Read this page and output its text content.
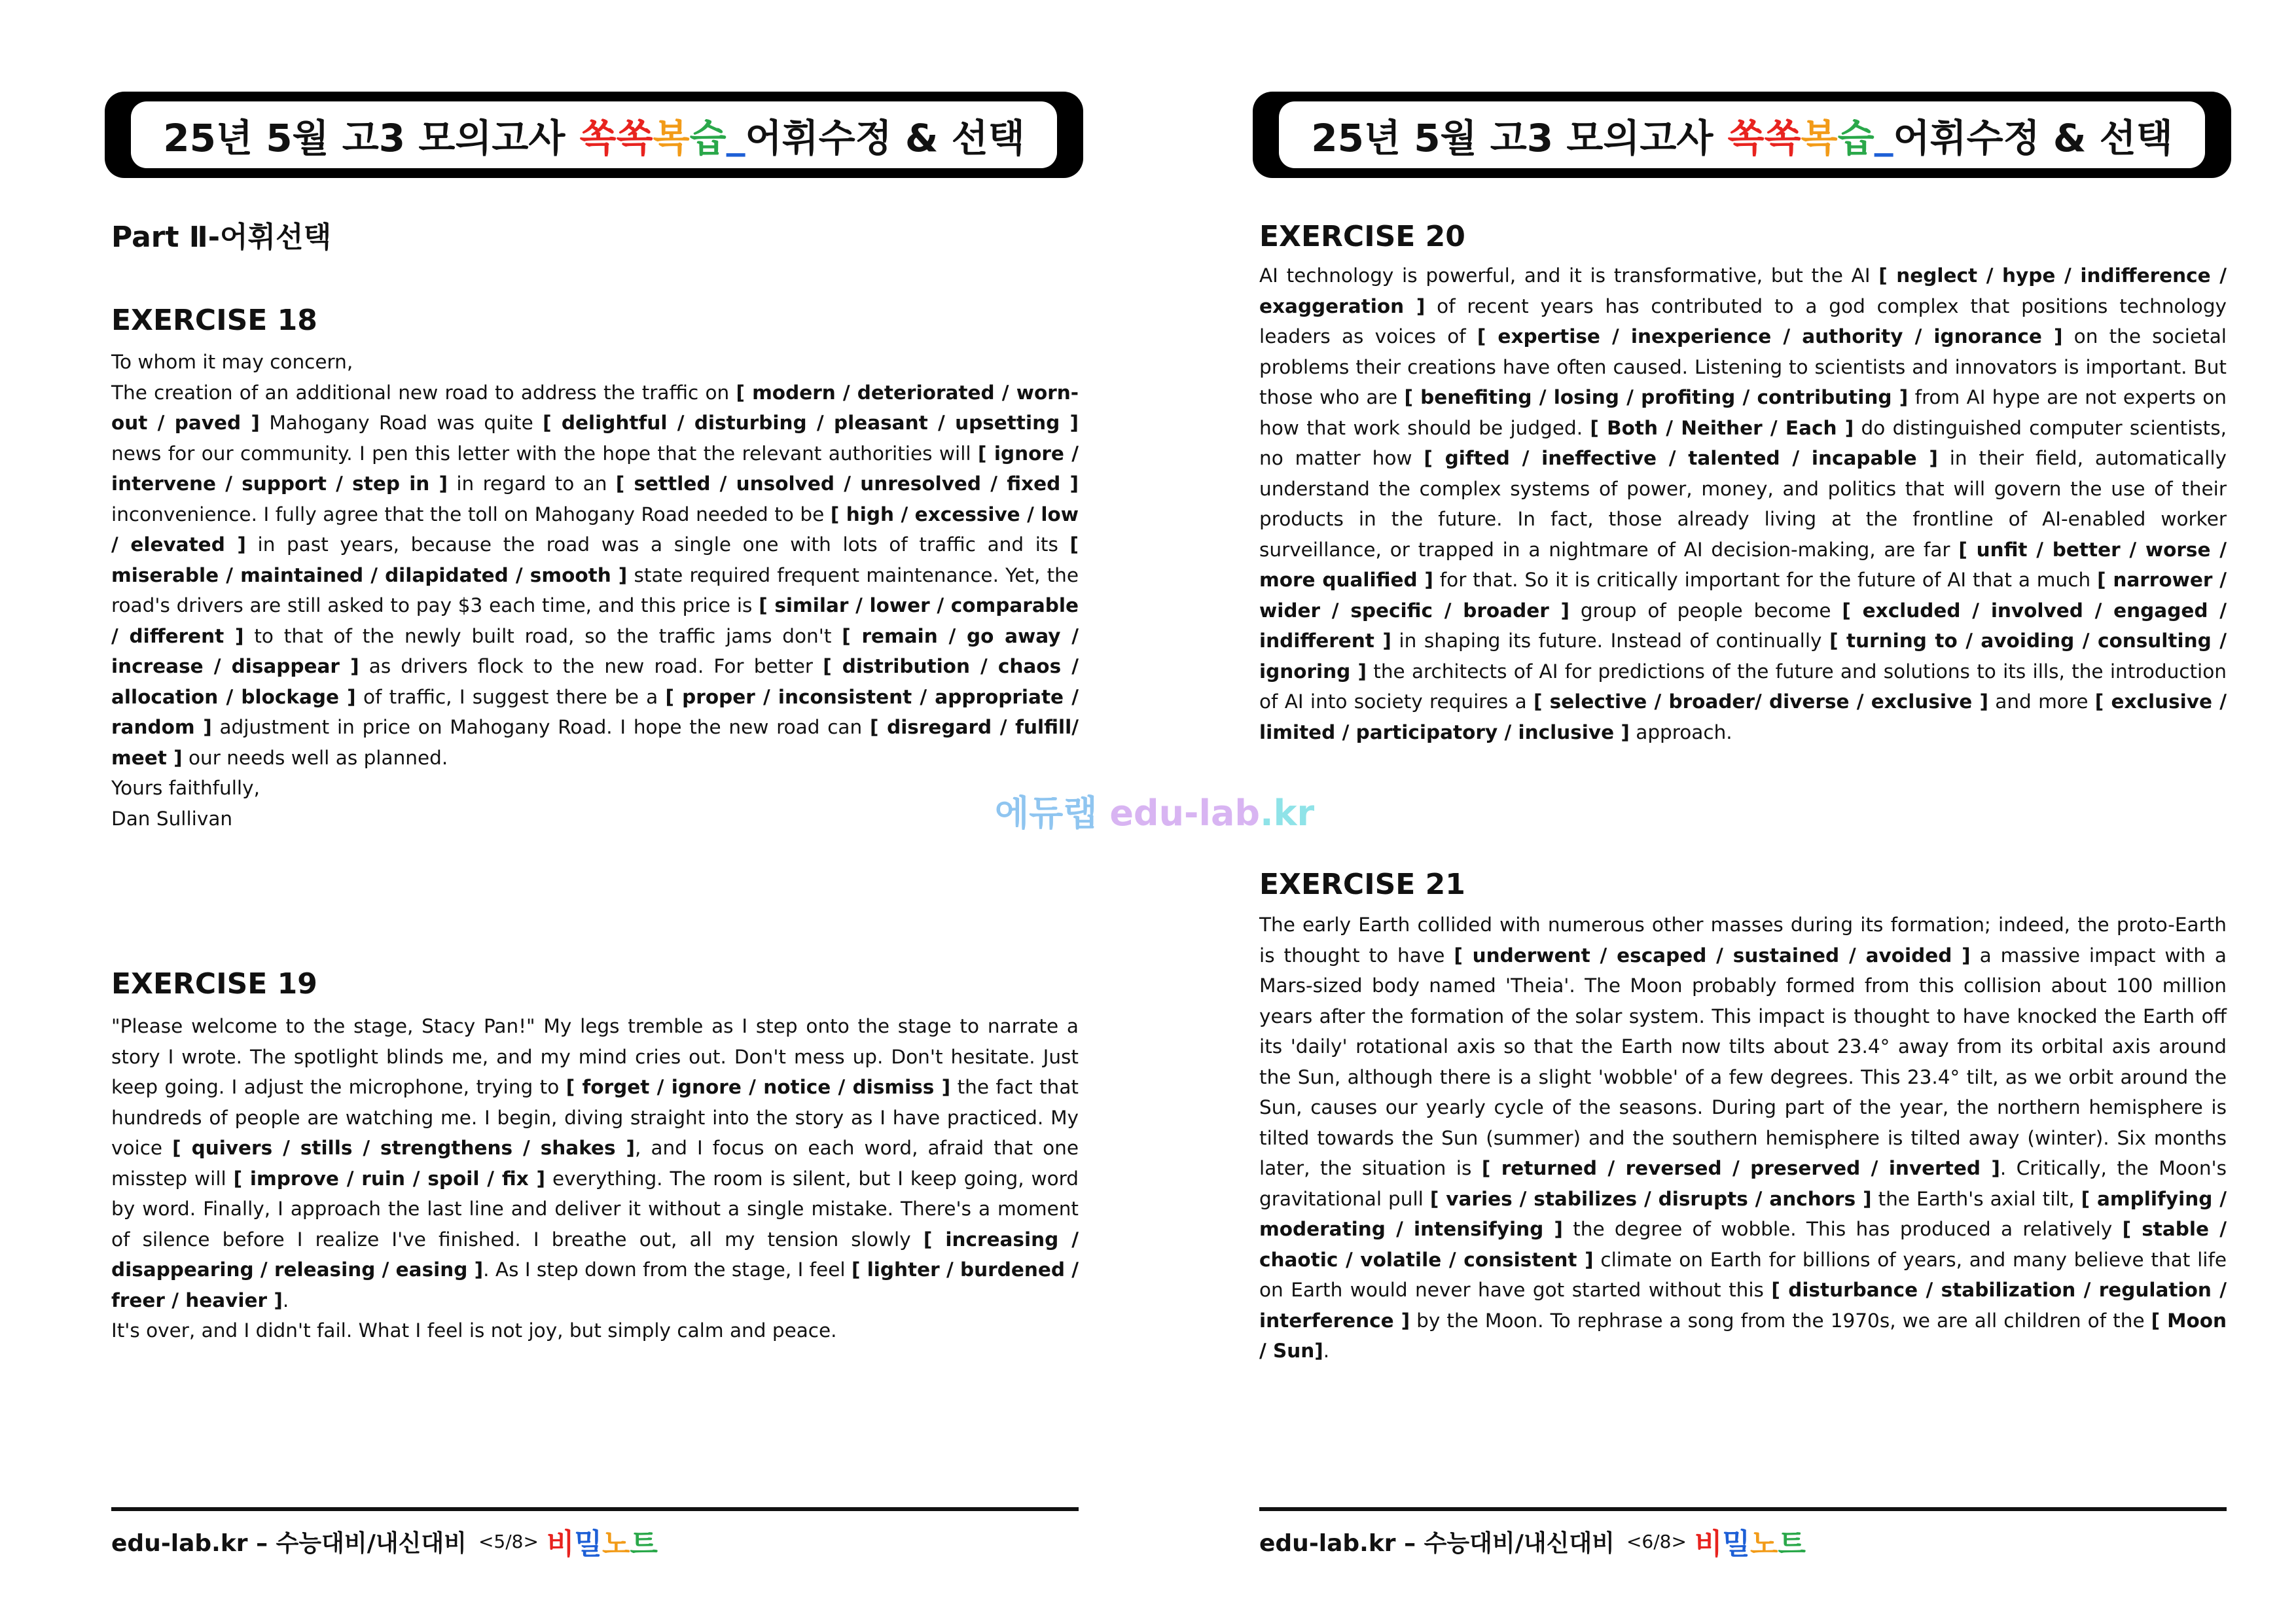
25년 5월 고3 모의고사 쏙 쏙 복 습 _ 어휘수정 & 선택
Part Ⅱ-어휘선택
EXERCISE 18
To whom it may concern,
The creation of an additional new road to address the traffic on [ modern / deteriorated / worn-out / paved ] Mahogany Road was quite [ delightful / disturbing / pleasant / upsetting ] news for our community. I pen this letter with the hope that the relevant authorities will [ ignore / intervene / support / step in ] in regard to an [ settled / unsolved / unresolved / fixed ] inconvenience. I fully agree that the toll on Mahogany Road needed to be [ high / excessive / low / elevated ] in past years, because the road was a single one with lots of traffic and its [ miserable / maintained / dilapidated / smooth ] state required frequent maintenance. Yet, the road's drivers are still asked to pay $3 each time, and this price is [ similar / lower / comparable / different ] to that of the newly built road, so the traffic jams don't [ remain / go away / increase / disappear ] as drivers flock to the new road. For better [ distribution / chaos / allocation / blockage ] of traffic, I suggest there be a [ proper / inconsistent / appropriate / random ] adjustment in price on Mahogany Road. I hope the new road can [ disregard / fulfill/ meet ] our needs well as planned.
Yours faithfully,
Dan Sullivan
EXERCISE 19
"Please welcome to the stage, Stacy Pan!" My legs tremble as I step onto the stage to narrate a story I wrote. The spotlight blinds me, and my mind cries out. Don't mess up. Don't hesitate. Just keep going. I adjust the microphone, trying to [ forget / ignore / notice / dismiss ] the fact that hundreds of people are watching me. I begin, diving straight into the story as I have practiced. My voice [ quivers / stills / strengthens / shakes ], and I focus on each word, afraid that one misstep will [ improve / ruin / spoil / fix ] everything. The room is silent, but I keep going, word by word. Finally, I approach the last line and deliver it without a single mistake. There's a moment of silence before I realize I've finished. I breathe out, all my tension slowly [ increasing / disappearing / releasing / easing ]. As I step down from the stage, I feel [ lighter / burdened / freer / heavier ].
It's over, and I didn't fail. What I feel is not joy, but simply calm and peace.
edu-lab.kr – 수능대비/내신대비 <5/8> 비밀노트
25년 5월 고3 모의고사 쏙 쏙 복 습 _ 어휘수정 & 선택
EXERCISE 20
AI technology is powerful, and it is transformative, but the AI [ neglect / hype / indifference / exaggeration ] of recent years has contributed to a god complex that positions technology leaders as voices of [ expertise / inexperience / authority / ignorance ] on the societal problems their creations have often caused. Listening to scientists and innovators is important. But those who are [ benefiting / losing / profiting / contributing ] from AI hype are not experts on how that work should be judged. [ Both / Neither / Each ] do distinguished computer scientists, no matter how [ gifted / ineffective / talented / incapable ] in their field, automatically understand the complex systems of power, money, and politics that will govern the use of their products in the future. In fact, those already living at the frontline of AI-enabled worker surveillance, or trapped in a nightmare of AI decision-making, are far [ unfit / better / worse / more qualified ] for that. So it is critically important for the future of AI that a much [ narrower / wider / specific / broader ] group of people become [ excluded / involved / engaged / indifferent ] in shaping its future. Instead of continually [ turning to / avoiding / consulting / ignoring ] the architects of AI for predictions of the future and solutions to its ills, the introduction of AI into society requires a [ selective / broader/ diverse / exclusive ] and more [ exclusive / limited / participatory / inclusive ] approach.
EXERCISE 21
The early Earth collided with numerous other masses during its formation; indeed, the proto-Earth is thought to have [ underwent / escaped / sustained / avoided ] a massive impact with a Mars-sized body named 'Theia'. The Moon probably formed from this collision about 100 million years after the formation of the solar system. This impact is thought to have knocked the Earth off its 'daily' rotational axis so that the Earth now tilts about 23.4° away from its orbital axis around the Sun, although there is a slight 'wobble' of a few degrees. This 23.4° tilt, as we orbit around the Sun, causes our yearly cycle of the seasons. During part of the year, the northern hemisphere is tilted towards the Sun (summer) and the southern hemisphere is tilted away (winter). Six months later, the situation is [ returned / reversed / preserved / inverted ]. Critically, the Moon's gravitational pull [ varies / stabilizes / disrupts / anchors ] the Earth's axial tilt, [ amplifying / moderating / intensifying ] the degree of wobble. This has produced a relatively [ stable / chaotic / volatile / consistent ] climate on Earth for billions of years, and many believe that life on Earth would never have got started without this [ disturbance / stabilization / regulation / interference ] by the Moon. To rephrase a song from the 1970s, we are all children of the [ Moon / Sun].
edu-lab.kr – 수능대비/내신대비 <6/8> 비밀노트
에듀랩 edu-lab.kr
